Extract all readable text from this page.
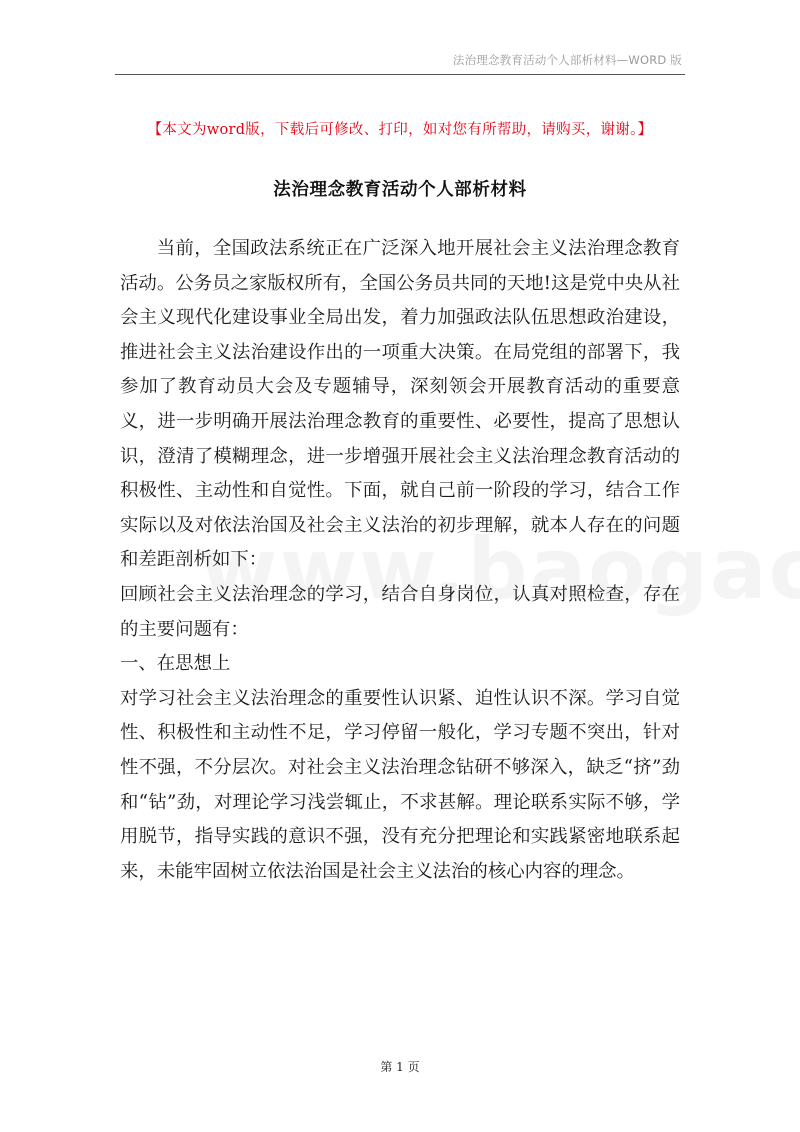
法治理念教育活动个人部析材料—WORD 版
【本文为word版，下载后可修改、打印，如对您有所帮助，请购买，谢谢。】
法治理念教育活动个人部析材料

当前，全国政法系统正在广泛深入地开展社会主义法治理念教育活动。公务员之家版权所有，全国公务员共同的天地!这是党中央从社会主义现代化建设事业全局出发，着力加强政法队伍思想政治建设，推进社会主义法治建设作出的一项重大决策。在局党组的部署下，我参加了教育动员大会及专题辅导，深刻领会开展教育活动的重要意义，进一步明确开展法治理念教育的重要性、必要性，提高了思想认识，澄清了模糊理念，进一步增强开展社会主义法治理念教育活动的积极性、主动性和自觉性。下面，就自己前一阶段的学习，结合工作实际以及对依法治国及社会主义法治的初步理解，就本人存在的问题和差距剖析如下：

回顾社会主义法治理念的学习，结合自身岗位，认真对照检查，存在的主要问题有：

一、在思想上

对学习社会主义法治理念的重要性认识紧、迫性认识不深。学习自觉性、积极性和主动性不足，学习停留一般化，学习专题不突出，针对性不强，不分层次。对社会主义法治理念钻研不够深入，缺乏“挤”劲和“钻”劲，对理论学习浅尝辄止，不求甚解。理论联系实际不够，学用脱节，指导实践的意识不强，没有充分把理论和实践紧密地联系起来，未能牢固树立依法治国是社会主义法治的核心内容的理念。

第 1 页
